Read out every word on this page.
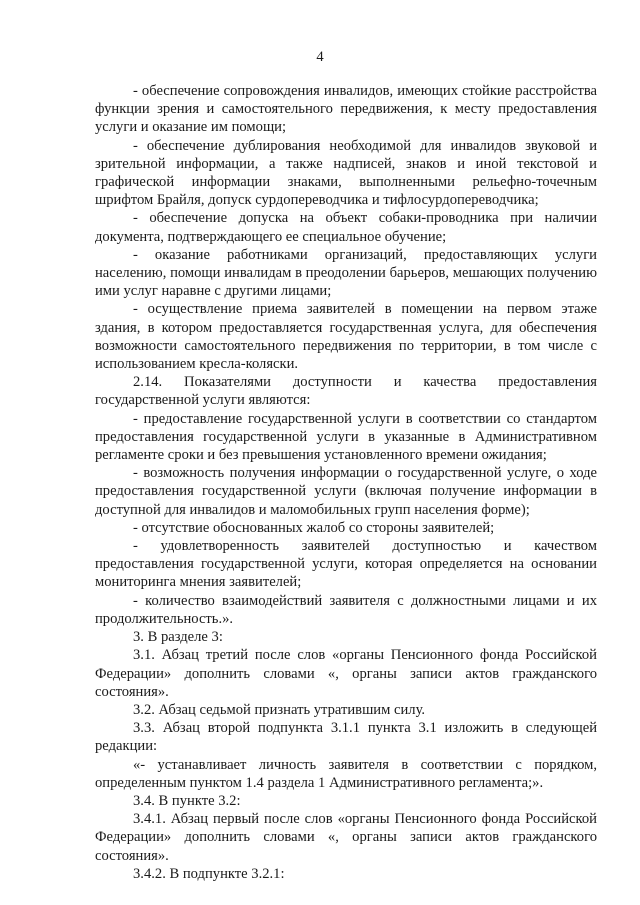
4

- обеспечение сопровождения инвалидов, имеющих стойкие расстройства функции зрения и самостоятельного передвижения, к месту предоставления услуги и оказание им помощи;

- обеспечение дублирования необходимой для инвалидов звуковой и зрительной информации, а также надписей, знаков и иной текстовой и графической информации знаками, выполненными рельефно-точечным шрифтом Брайля, допуск сурдопереводчика и тифлосурдопереводчика;

- обеспечение допуска на объект собаки-проводника при наличии документа, подтверждающего ее специальное обучение;

- оказание работниками организаций, предоставляющих услуги населению, помощи инвалидам в преодолении барьеров, мешающих получению ими услуг наравне с другими лицами;

- осуществление приема заявителей в помещении на первом этаже здания, в котором предоставляется государственная услуга, для обеспечения возможности самостоятельного передвижения по территории, в том числе с использованием кресла-коляски.

2.14. Показателями доступности и качества предоставления государственной услуги являются:

- предоставление государственной услуги в соответствии со стандартом предоставления государственной услуги в указанные в Административном регламенте сроки и без превышения установленного времени ожидания;

- возможность получения информации о государственной услуге, о ходе предоставления государственной услуги (включая получение информации в доступной для инвалидов и маломобильных групп населения форме);

- отсутствие обоснованных жалоб со стороны заявителей;

- удовлетворенность заявителей доступностью и качеством предоставления государственной услуги, которая определяется на основании мониторинга мнения заявителей;

- количество взаимодействий заявителя с должностными лицами и их продолжительность.».

3. В разделе 3:

3.1. Абзац третий после слов «органы Пенсионного фонда Российской Федерации» дополнить словами «, органы записи актов гражданского состояния».

3.2. Абзац седьмой признать утратившим силу.

3.3. Абзац второй подпункта 3.1.1 пункта 3.1 изложить в следующей редакции:

«- устанавливает личность заявителя в соответствии с порядком, определенным пунктом 1.4 раздела 1 Административного регламента;».

3.4. В пункте 3.2:

3.4.1. Абзац первый после слов «органы Пенсионного фонда Российской Федерации» дополнить словами «, органы записи актов гражданского состояния».

3.4.2. В подпункте 3.2.1:
